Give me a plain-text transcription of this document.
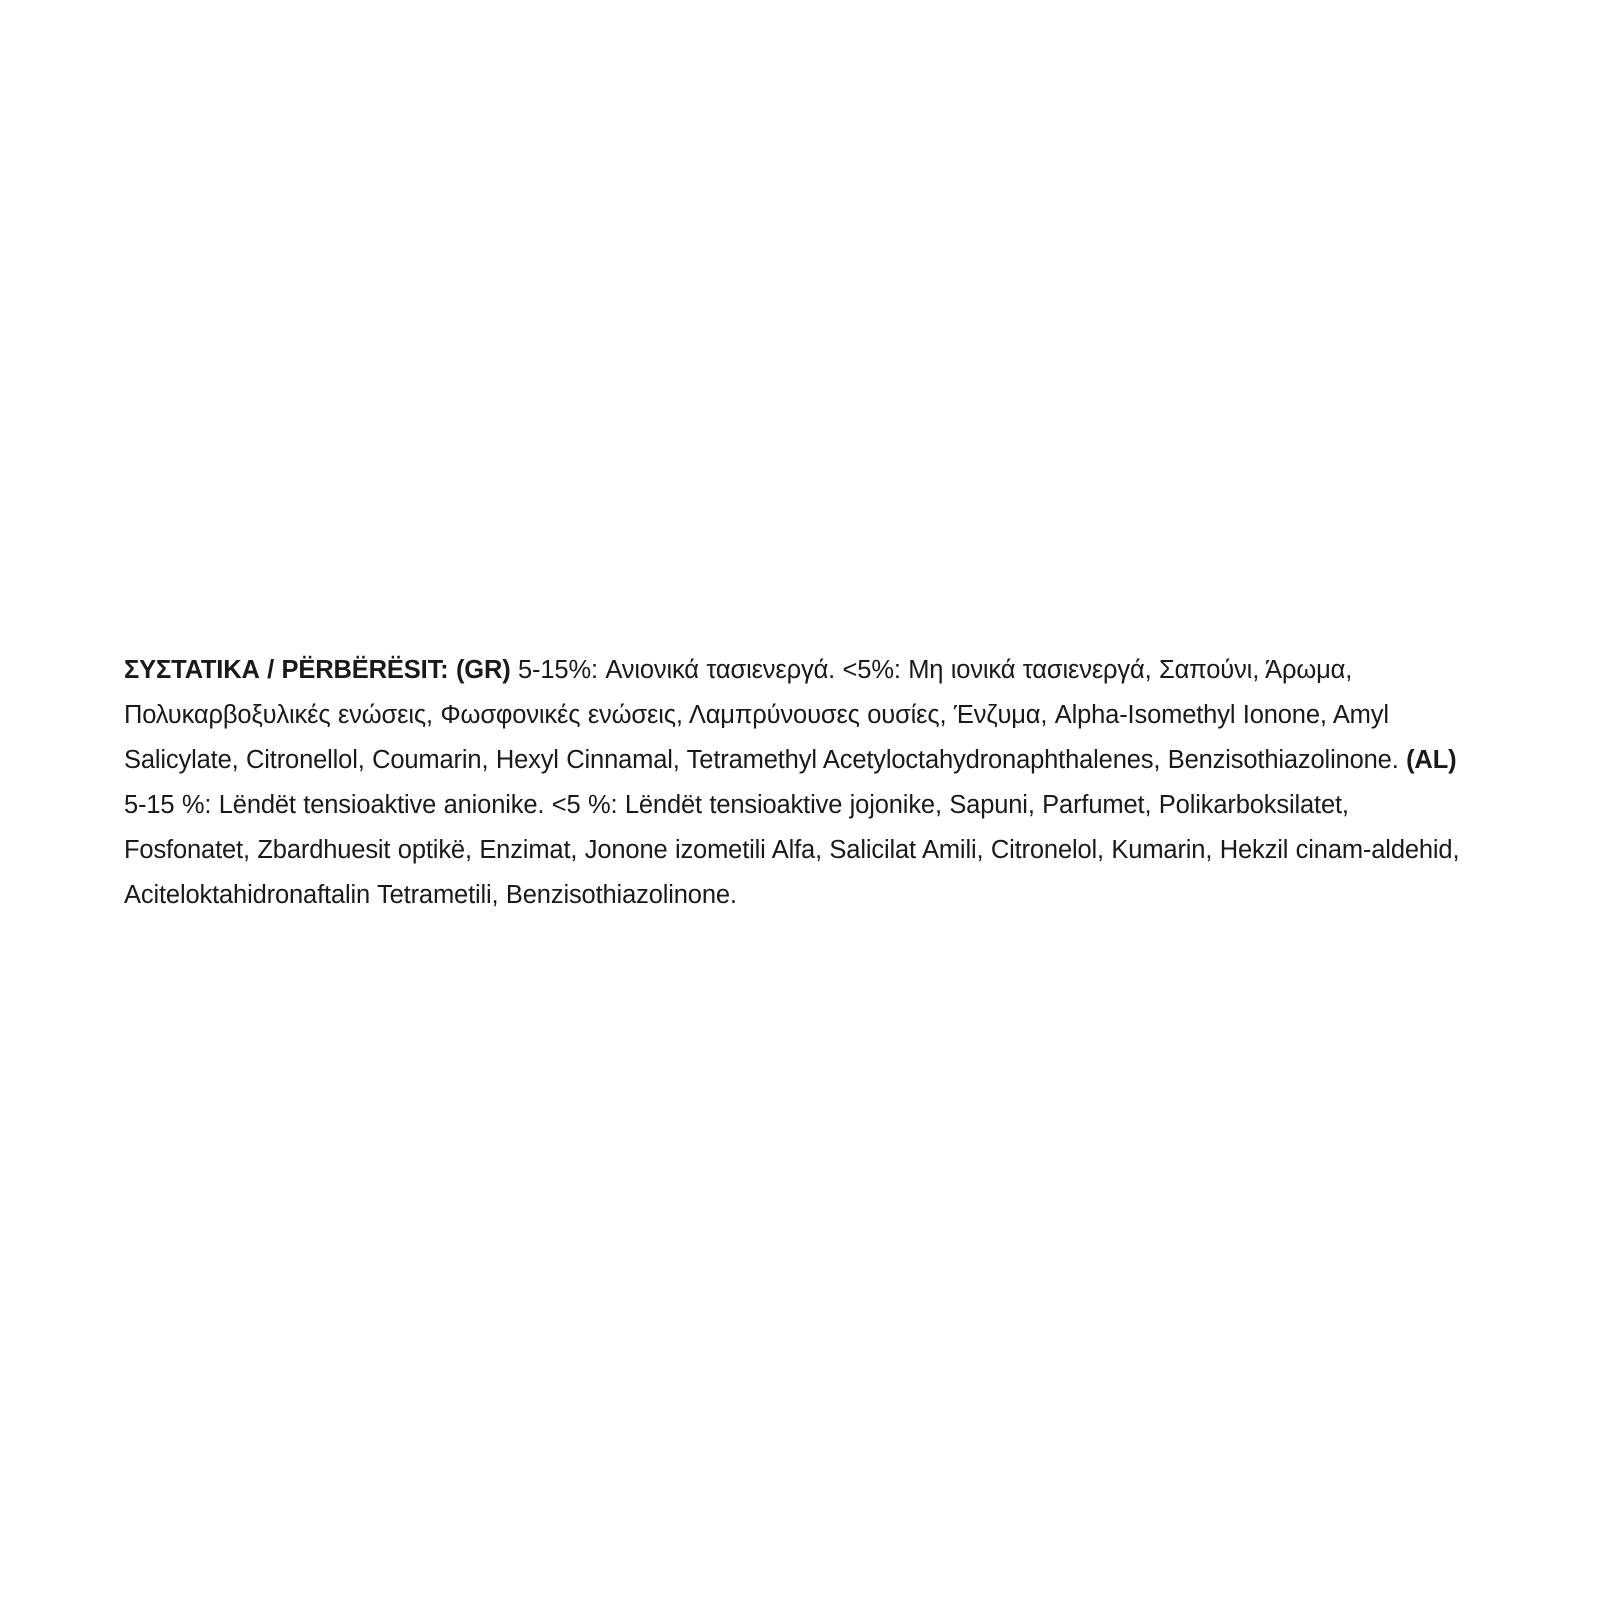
ΣΥΣΤΑΤΙΚΑ / PËRBËRËSIT: (GR) 5-15%: Ανιονικά τασιενεργά. <5%: Μη ιονικά τασιενεργά, Σαπούνι, Άρωμα, Πολυκαρβοξυλικές ενώσεις, Φωσφονικές ενώσεις, Λαμπρύνουσες ουσίες, Ένζυμα, Alpha-Isomethyl Ionone, Amyl Salicylate, Citronellol, Coumarin, Hexyl Cinnamal, Tetramethyl Acetyloctahydronaphthalenes, Benzisothiazolinone. (AL) 5-15 %: Lëndët tensioaktive anionike. <5 %: Lëndët tensioaktive jojonike, Sapuni, Parfumet, Polikarboksilatet, Fosfonatet, Zbardhuesit optikë, Enzimat, Jonone izometili Alfa, Salicilat Amili, Citronelol, Kumarin, Hekzil cinam-aldehid, Aciteloktahidronaftalin Tetrametili, Benzisothiazolinone.
